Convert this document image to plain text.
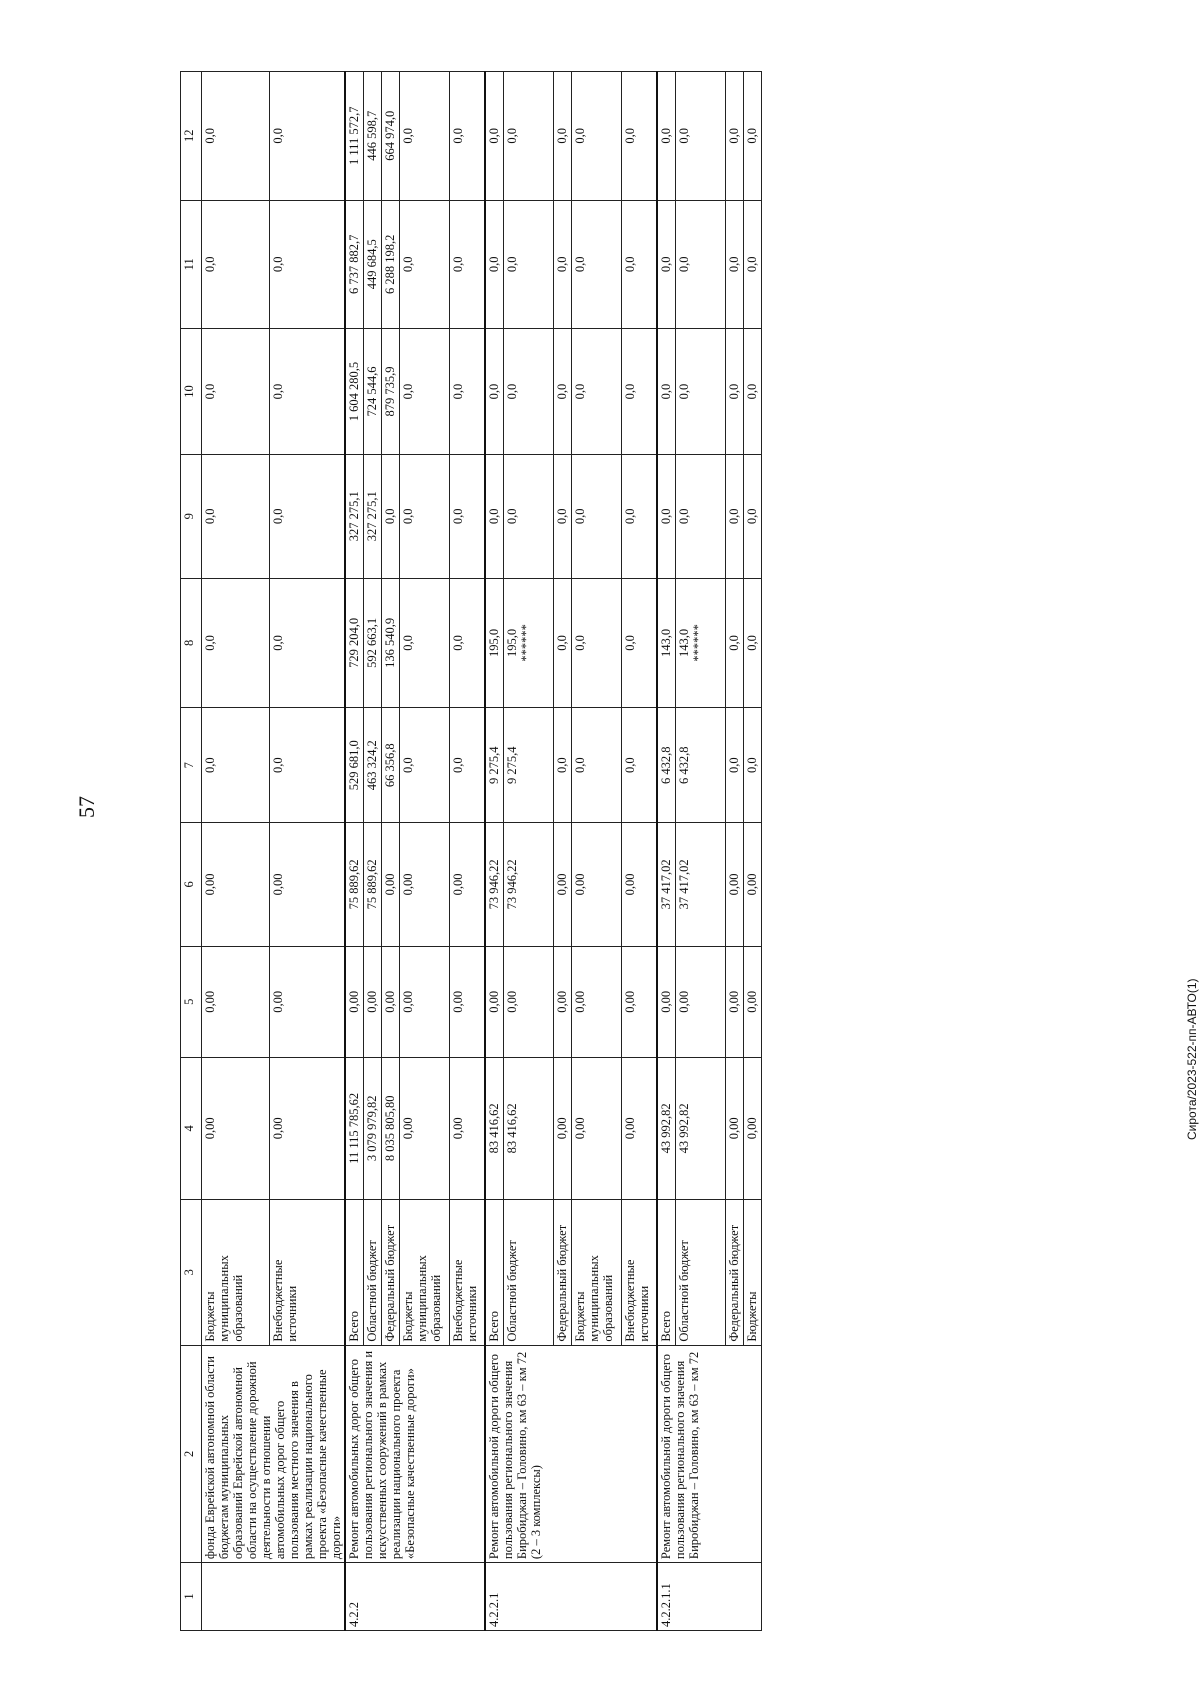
57
Сирота/2023-522-пп-АВТО(1)
1	2	3	4	5	6	7	8	9	10	11	12
	фонда Еврейской автономной области бюджетам муниципальных образований Еврейской автономной области на осуществление дорожной деятельности в отношении автомобильных дорог общего пользования местного значения в рамках реализации национального проекта «Безопасные качественные дороги»	Бюджеты муниципальных образований	0,00	0,00	0,00	0,0	0,0	0,0	0,0	0,0	0,0
		Внебюджетные источники	0,00	0,00	0,00	0,0	0,0	0,0	0,0	0,0	0,0
4.2.2	Ремонт автомобильных дорог общего пользования регионального значения и искусственных сооружений в рамках реализации национального проекта «Безопасные качественные дороги»	Всего	11 115 785,62	0,00	75 889,62	529 681,0	729 204,0	327 275,1	1 604 280,5	6 737 882,7	1 111 572,7
		Областной бюджет	3 079 979,82	0,00	75 889,62	463 324,2	592 663,1	327 275,1	724 544,6	449 684,5	446 598,7
		Федеральный бюджет	8 035 805,80	0,00	0,00	66 356,8	136 540,9	0,0	879 735,9	6 288 198,2	664 974,0
		Бюджеты муниципальных образований	0,00	0,00	0,00	0,0	0,0	0,0	0,0	0,0	0,0
		Внебюджетные источники	0,00	0,00	0,00	0,0	0,0	0,0	0,0	0,0	0,0
4.2.2.1	Ремонт автомобильной дороги общего пользования регионального значения Биробиджан – Головино, км 63 – км 72 (2 – 3 комплексы)	Всего	83 416,62	0,00	73 946,22	9 275,4	195,0	0,0	0,0	0,0	0,0
		Областной бюджет	83 416,62	0,00	73 946,22	9 275,4	195,0 ******	0,0	0,0	0,0	0,0
		Федеральный бюджет	0,00	0,00	0,00	0,0	0,0	0,0	0,0	0,0	0,0
		Бюджеты муниципальных образований	0,00	0,00	0,00	0,0	0,0	0,0	0,0	0,0	0,0
		Внебюджетные источники	0,00	0,00	0,00	0,0	0,0	0,0	0,0	0,0	0,0
4.2.2.1.1	Ремонт автомобильной дороги общего пользования регионального значения Биробиджан – Головино, км 63 – км 72	Всего	43 992,82	0,00	37 417,02	6 432,8	143,0	0,0	0,0	0,0	0,0
		Областной бюджет	43 992,82	0,00	37 417,02	6 432,8	143,0 ******	0,0	0,0	0,0	0,0
		Федеральный бюджет	0,00	0,00	0,00	0,0	0,0	0,0	0,0	0,0	0,0
		Бюджеты	0,00	0,00	0,00	0,0	0,0	0,0	0,0	0,0	0,0
